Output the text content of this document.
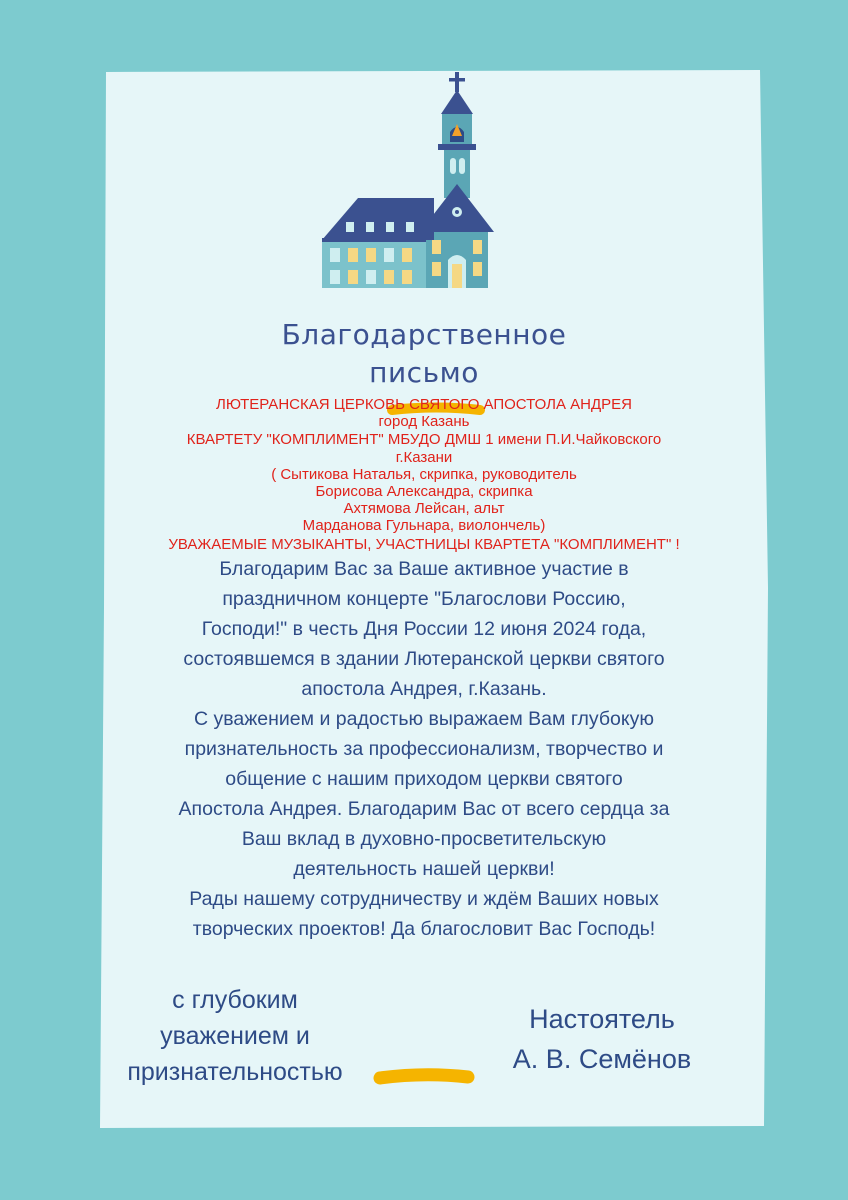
Благодарственное
письмо
ЛЮТЕРАНСКАЯ ЦЕРКОВЬ СВЯТОГО АПОСТОЛА АНДРЕЯ
город Казань
КВАРТЕТУ "КОМПЛИМЕНТ" МБУДО ДМШ 1 имени П.И.Чайковского
г.Казани
( Сытикова Наталья, скрипка, руководитель
Борисова Александра, скрипка
Ахтямова Лейсан, альт
Марданова Гульнара, виолончель)
УВАЖАЕМЫЕ МУЗЫКАНТЫ, УЧАСТНИЦЫ КВАРТЕТА "КОМПЛИМЕНТ" !
Благодарим Вас за Ваше активное участие в
праздничном концерте "Благослови Россию,
Господи!" в честь Дня России 12 июня 2024 года,
состоявшемся в здании Лютеранской церкви святого
апостола Андрея, г.Казань.
С уважением и радостью выражаем Вам глубокую
признательность за профессионализм, творчество и
общение с нашим приходом церкви святого
Апостола Андрея. Благодарим Вас от всего сердца за
Ваш вклад в духовно-просветительскую
деятельность нашей церкви!
Рады нашему сотрудничеству и ждём Ваших новых
творческих проектов! Да благословит Вас Господь!
с глубоким
уважением и
признательностью
Настоятель
А. В. Семёнов
